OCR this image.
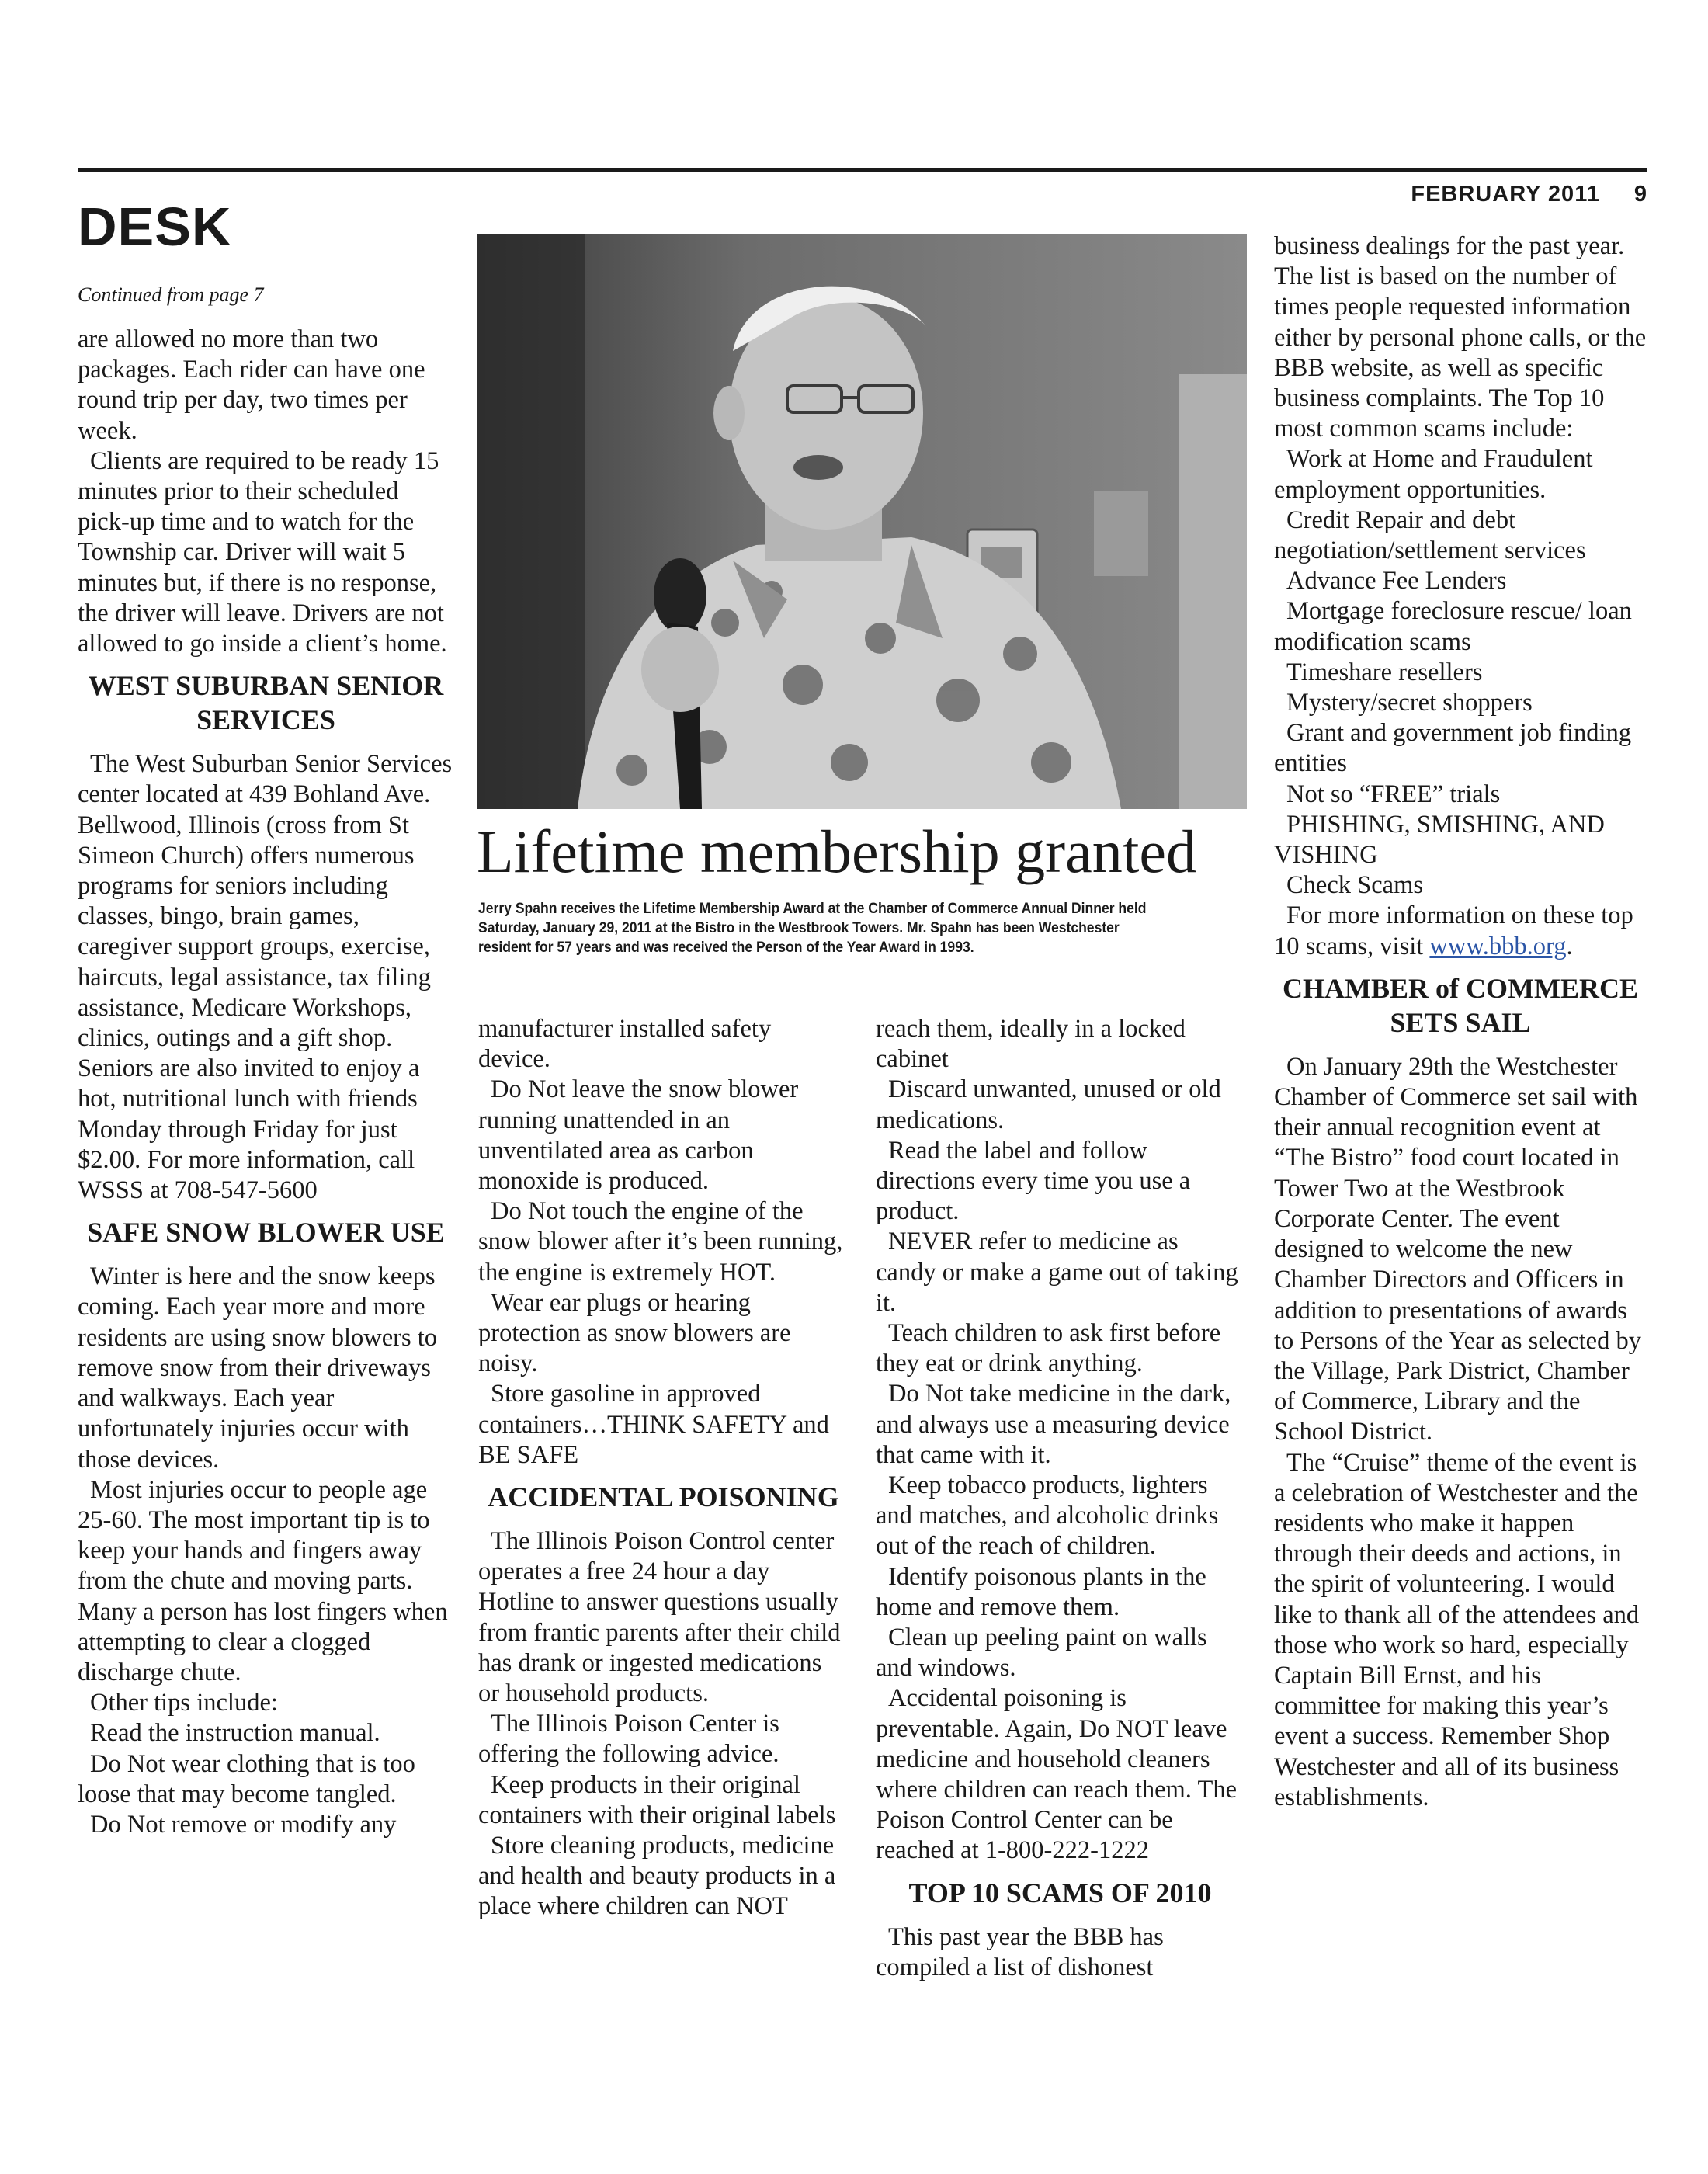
FEBRUARY 2011 9
DESK
Continued from page 7

are allowed no more than two packages. Each rider can have one round trip per day, two times per week.

Clients are required to be ready 15 minutes prior to their scheduled pick-up time and to watch for the Township car. Driver will wait 5 minutes but, if there is no response, the driver will leave. Drivers are not allowed to go inside a client’s home.

WEST SUBURBAN SENIOR SERVICES

The West Suburban Senior Services center located at 439 Bohland Ave. Bellwood, Illinois (cross from St Simeon Church) offers numerous programs for seniors including classes, bingo, brain games, caregiver support groups, exercise, haircuts, legal assistance, tax filing assistance, Medicare Workshops, clinics, outings and a gift shop. Seniors are also invited to enjoy a hot, nutritional lunch with friends Monday through Friday for just $2.00. For more information, call WSSS at 708-547-5600

SAFE SNOW BLOWER USE

Winter is here and the snow keeps coming. Each year more and more residents are using snow blowers to remove snow from their driveways and walkways. Each year unfortunately injuries occur with those devices.

Most injuries occur to people age 25-60. The most important tip is to keep your hands and fingers away from the chute and moving parts. Many a person has lost fingers when attempting to clear a clogged discharge chute.

Other tips include:

Read the instruction manual.

Do Not wear clothing that is too loose that may become tangled.

Do Not remove or modify any

Lifetime membership granted
Jerry Spahn receives the Lifetime Membership Award at the Chamber of Commerce Annual Dinner held Saturday, January 29, 2011 at the Bistro in the Westbrook Towers. Mr. Spahn has been Westchester resident for 57 years and was received the Person of the Year Award in 1993.

manufacturer installed safety device.

Do Not leave the snow blower running unattended in an unventilated area as carbon monoxide is produced.

Do Not touch the engine of the snow blower after it’s been running, the engine is extremely HOT.

Wear ear plugs or hearing protection as snow blowers are noisy.

Store gasoline in approved containers…THINK SAFETY and BE SAFE

ACCIDENTAL POISONING

The Illinois Poison Control center operates a free 24 hour a day Hotline to answer questions usually from frantic parents after their child has drank or ingested medications or household products.

The Illinois Poison Center is offering the following advice.

Keep products in their original containers with their original labels

Store cleaning products, medicine and health and beauty products in a place where children can NOT

reach them, ideally in a locked cabinet

Discard unwanted, unused or old medications.

Read the label and follow directions every time you use a product.

NEVER refer to medicine as candy or make a game out of taking it.

Teach children to ask first before they eat or drink anything.

Do Not take medicine in the dark, and always use a measuring device that came with it.

Keep tobacco products, lighters and matches, and alcoholic drinks out of the reach of children.

Identify poisonous plants in the home and remove them.

Clean up peeling paint on walls and windows.

Accidental poisoning is preventable. Again, Do NOT leave medicine and household cleaners where children can reach them. The Poison Control Center can be reached at 1-800-222-1222

TOP 10 SCAMS OF 2010

This past year the BBB has compiled a list of dishonest

business dealings for the past year. The list is based on the number of times people requested information either by personal phone calls, or the BBB website, as well as specific business complaints. The Top 10 most common scams include:

Work at Home and Fraudulent employment opportunities.

Credit Repair and debt negotiation/settlement services

Advance Fee Lenders

Mortgage foreclosure rescue/ loan modification scams

Timeshare resellers

Mystery/secret shoppers

Grant and government job finding entities

Not so “FREE” trials

PHISHING, SMISHING, AND VISHING

Check Scams

For more information on these top 10 scams, visit www.bbb.org.

CHAMBER of COMMERCE SETS SAIL

On January 29th the Westchester Chamber of Commerce set sail with their annual recognition event at “The Bistro” food court located in Tower Two at the Westbrook Corporate Center. The event designed to welcome the new Chamber Directors and Officers in addition to presentations of awards to Persons of the Year as selected by the Village, Park District, Chamber of Commerce, Library and the School District.

The “Cruise” theme of the event is a celebration of Westchester and the residents who make it happen through their deeds and actions, in the spirit of volunteering. I would like to thank all of the attendees and those who work so hard, especially Captain Bill Ernst, and his committee for making this year’s event a success. Remember Shop Westchester and all of its business establishments.
